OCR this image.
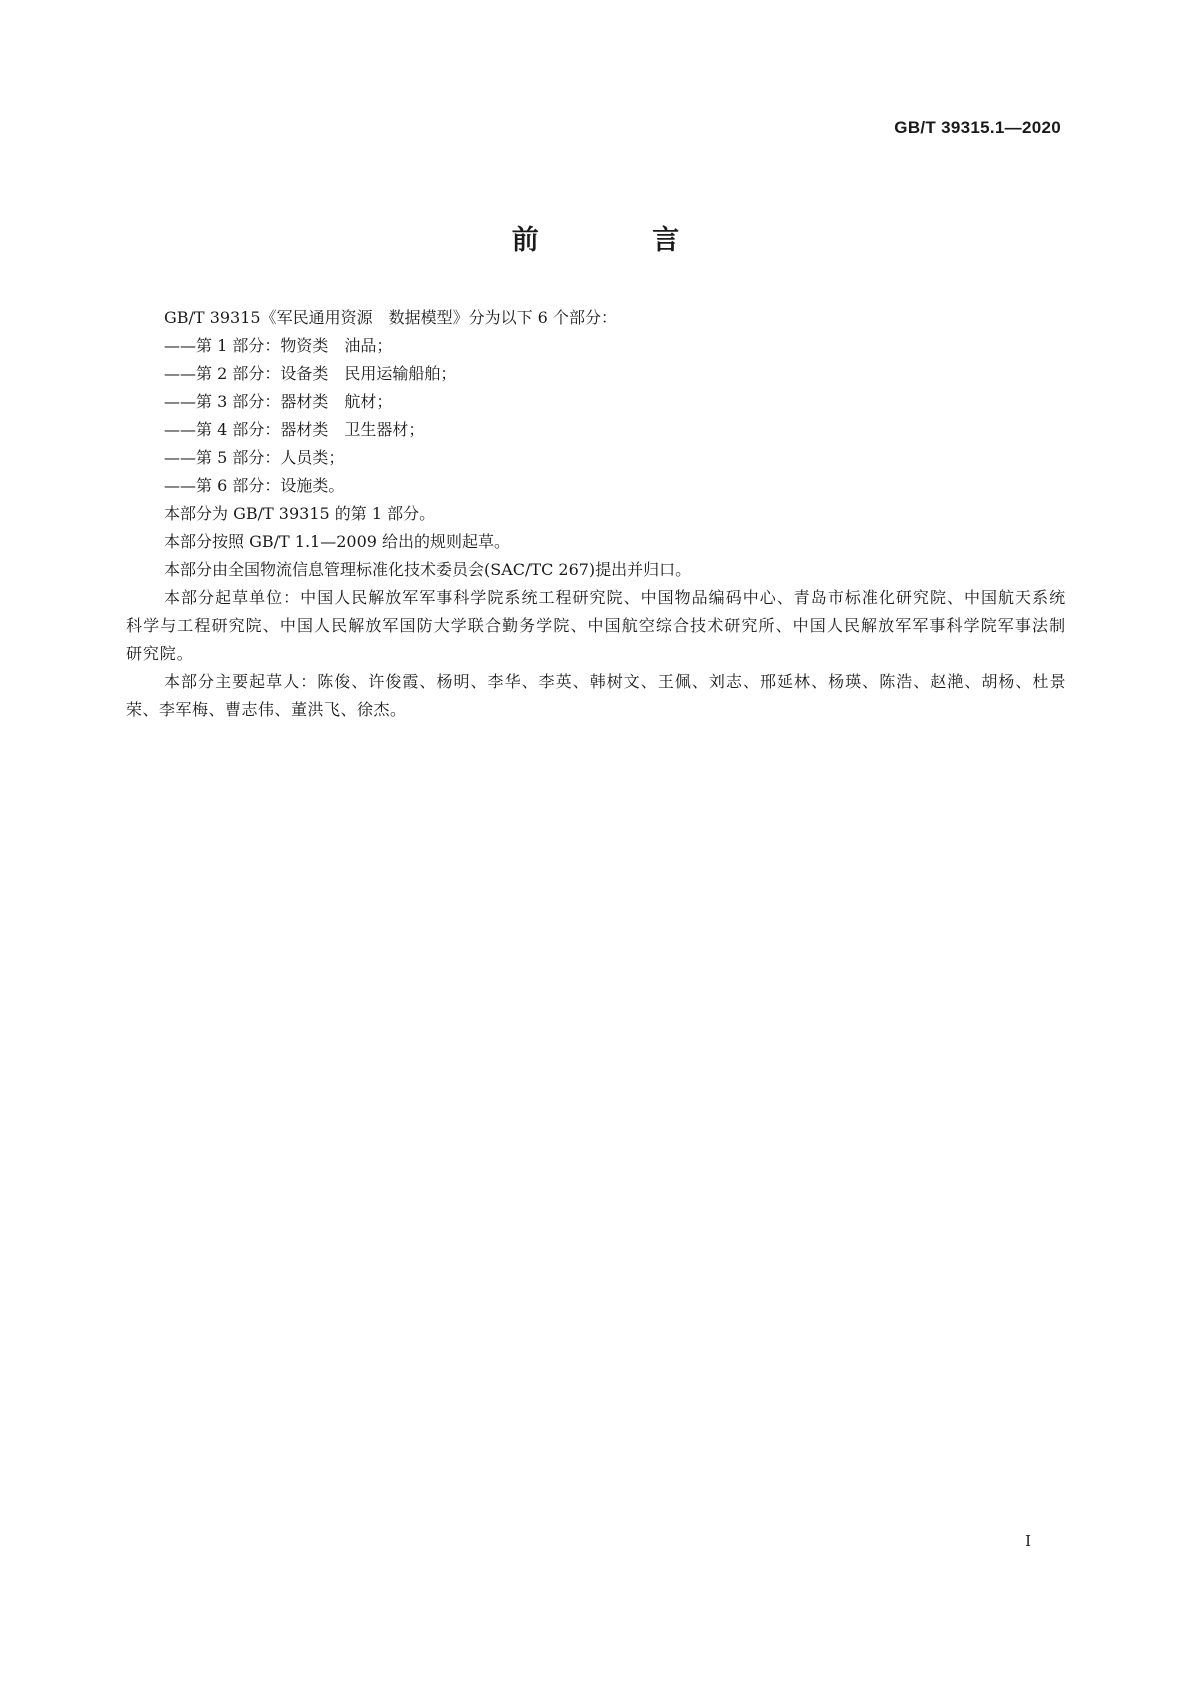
GB/T 39315.1—2020
前 言

GB/T 39315《军民通用资源　数据模型》分为以下 6 个部分：

——第 1 部分：物资类　油品；

——第 2 部分：设备类　民用运输船舶；

——第 3 部分：器材类　航材；

——第 4 部分：器材类　卫生器材；

——第 5 部分：人员类；

——第 6 部分：设施类。

本部分为 GB/T 39315 的第 1 部分。

本部分按照 GB/T 1.1—2009 给出的规则起草。

本部分由全国物流信息管理标准化技术委员会(SAC/TC 267)提出并归口。

本部分起草单位：中国人民解放军军事科学院系统工程研究院、中国物品编码中心、青岛市标准化研究院、中国航天系统科学与工程研究院、中国人民解放军国防大学联合勤务学院、中国航空综合技术研究所、中国人民解放军军事科学院军事法制研究院。

本部分主要起草人：陈俊、许俊霞、杨明、李华、李英、韩树文、王佩、刘志、邢延林、杨瑛、陈浩、赵滟、胡杨、杜景荣、李军梅、曹志伟、董洪飞、徐杰。

I
